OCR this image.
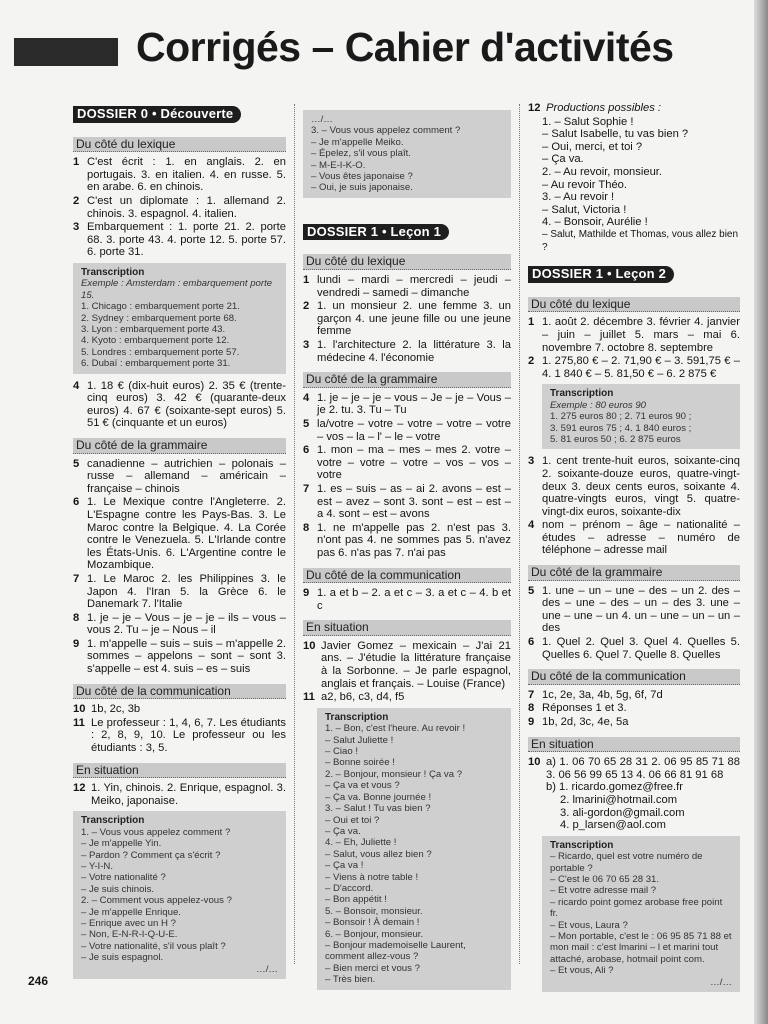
Corrigés – Cahier d'activités
DOSSIER 0 • Découverte
Du côté du lexique
1 C'est écrit : 1. en anglais. 2. en portugais. 3. en italien. 4. en russe. 5. en arabe. 6. en chinois.
2 C'est un diplomate : 1. allemand 2. chinois. 3. espagnol. 4. italien.
3 Embarquement : 1. porte 21. 2. porte 68. 3. porte 43. 4. porte 12. 5. porte 57. 6. porte 31.
Transcription
Exemple : Amsterdam : embarquement porte 15.
1. Chicago : embarquement porte 21.
2. Sydney : embarquement porte 68.
3. Lyon : embarquement porte 43.
4. Kyoto : embarquement porte 12.
5. Londres : embarquement porte 57.
6. Dubaï : embarquement porte 31.
4 1. 18 € (dix-huit euros) 2. 35 € (trente-cinq euros) 3. 42 € (quarante-deux euros) 4. 67 € (soixante-sept euros) 5. 51 € (cinquante et un euros)
Du côté de la grammaire
5 canadienne – autrichien – polonais – russe – allemand – américain – française – chinois
6 1. Le Mexique contre l'Angleterre. 2. L'Espagne contre les Pays-Bas. 3. Le Maroc contre la Belgique. 4. La Corée contre le Venezuela. 5. L'Irlande contre les États-Unis. 6. L'Argentine contre le Mozambique.
7 1. Le Maroc 2. les Philippines 3. le Japon 4. l'Iran 5. la Grèce 6. le Danemark 7. l'Italie
8 1. je – je – Vous – je – je – ils – vous – vous 2. Tu – je – Nous – il
9 1. m'appelle – suis – suis – m'appelle 2. sommes – appelons – sont – sont 3. s'appelle – est 4. suis – es – suis
Du côté de la communication
10 1b, 2c, 3b
11 Le professeur : 1, 4, 6, 7. Les étudiants : 2, 8, 9, 10. Le professeur ou les étudiants : 3, 5.
En situation
12 1. Yin, chinois. 2. Enrique, espagnol. 3. Meiko, japonaise.
Transcription
1. – Vous vous appelez comment ?
– Je m'appelle Yin.
– Pardon ? Comment ça s'écrit ?
– Y-I-N.
– Votre nationalité ?
– Je suis chinois.
2. – Comment vous appelez-vous ?
– Je m'appelle Enrique.
– Enrique avec un H ?
– Non, E-N-R-I-Q-U-E.
– Votre nationalité, s'il vous plaît ?
– Je suis espagnol.
…/…
…/…
3. – Vous vous appelez comment ?
– Je m'appelle Meiko.
– Épelez, s'il vous plaît.
– M-E-I-K-O.
– Vous êtes japonaise ?
– Oui, je suis japonaise.
DOSSIER 1 • Leçon 1
Du côté du lexique
1 lundi – mardi – mercredi – jeudi – vendredi – samedi – dimanche
2 1. un monsieur 2. une femme 3. un garçon 4. une jeune fille ou une jeune femme
3 1. l'architecture 2. la littérature 3. la médecine 4. l'économie
Du côté de la grammaire
4 1. je – je – je – vous – Je – je – Vous – je 2. tu. 3. Tu – Tu
5 la/votre – votre – votre – votre – votre – vos – la – l' – le – votre
6 1. mon – ma – mes – mes 2. votre – votre – votre – votre – vos – vos – votre
7 1. es – suis – as – ai 2. avons – est – est – avez – sont 3. sont – est – est – a 4. sont – est – avons
8 1. ne m'appelle pas 2. n'est pas 3. n'ont pas 4. ne sommes pas 5. n'avez pas 6. n'as pas 7. n'ai pas
Du côté de la communication
9 1. a et b – 2. a et c – 3. a et c – 4. b et c
En situation
10 Javier Gomez – mexicain – J'ai 21 ans. – J'étudie la littérature française à la Sorbonne. – Je parle espagnol, anglais et français. – Louise (France)
11 a2, b6, c3, d4, f5
Transcription
1. – Bon, c'est l'heure. Au revoir !
– Salut Juliette !
– Ciao !
– Bonne soirée !
2. – Bonjour, monsieur ! Ça va ?
– Ça va et vous ?
– Ça va. Bonne journée !
3. – Salut ! Tu vas bien ?
– Oui et toi ?
– Ça va.
4. – Eh, Juliette !
– Salut, vous allez bien ?
– Ça va !
– Viens à notre table !
– D'accord.
– Bon appétit !
5. – Bonsoir, monsieur.
– Bonsoir ! À demain !
6. – Bonjour, monsieur.
– Bonjour mademoiselle Laurent, comment allez-vous ?
– Bien merci et vous ?
– Très bien.
12 Productions possibles :
1. – Salut Sophie !
– Salut Isabelle, tu vas bien ?
– Oui, merci, et toi ?
– Ça va.
2. – Au revoir, monsieur.
– Au revoir Théo.
3. – Au revoir !
– Salut, Victoria !
4. – Bonsoir, Aurélie !
– Salut, Mathilde et Thomas, vous allez bien ?
DOSSIER 1 • Leçon 2
Du côté du lexique
1 1. août 2. décembre 3. février 4. janvier – juin – juillet 5. mars – mai 6. novembre 7. octobre 8. septembre
2 1. 275,80 € – 2. 71,90 € – 3. 591,75 € – 4. 1 840 € – 5. 81,50 € – 6. 2 875 €
Transcription
Exemple : 80 euros 90
1. 275 euros 80 ; 2. 71 euros 90 ;
3. 591 euros 75 ; 4. 1 840 euros ;
5. 81 euros 50 ; 6. 2 875 euros
3 1. cent trente-huit euros, soixante-cinq 2. soixante-douze euros, quatre-vingt-deux 3. deux cents euros, soixante 4. quatre-vingts euros, vingt 5. quatre-vingt-dix euros, soixante-dix
4 nom – prénom – âge – nationalité – études – adresse – numéro de téléphone – adresse mail
Du côté de la grammaire
5 1. une – un – une – des – un 2. des – des – une – des – un – des 3. une – une – une – un 4. un – une – un – un – des
6 1. Quel 2. Quel 3. Quel 4. Quelles 5. Quelles 6. Quel 7. Quelle 8. Quelles
Du côté de la communication
7 1c, 2e, 3a, 4b, 5g, 6f, 7d
8 Réponses 1 et 3.
9 1b, 2d, 3c, 4e, 5a
En situation
10 a) 1. 06 70 65 28 31 2. 06 95 85 71 88 3. 06 56 99 65 13 4. 06 66 81 91 68
b) 1. ricardo.gomez@free.fr
2. lmarini@hotmail.com
3. ali-gordon@gmail.com
4. p_larsen@aol.com
Transcription
– Ricardo, quel est votre numéro de portable ?
– C'est le 06 70 65 28 31.
– Et votre adresse mail ?
– ricardo point gomez arobase free point fr.
– Et vous, Laura ?
– Mon portable, c'est le : 06 95 85 71 88 et mon mail : c'est lmarini – l et marini tout attaché, arobase, hotmail point com.
– Et vous, Ali ?
…/…
246
